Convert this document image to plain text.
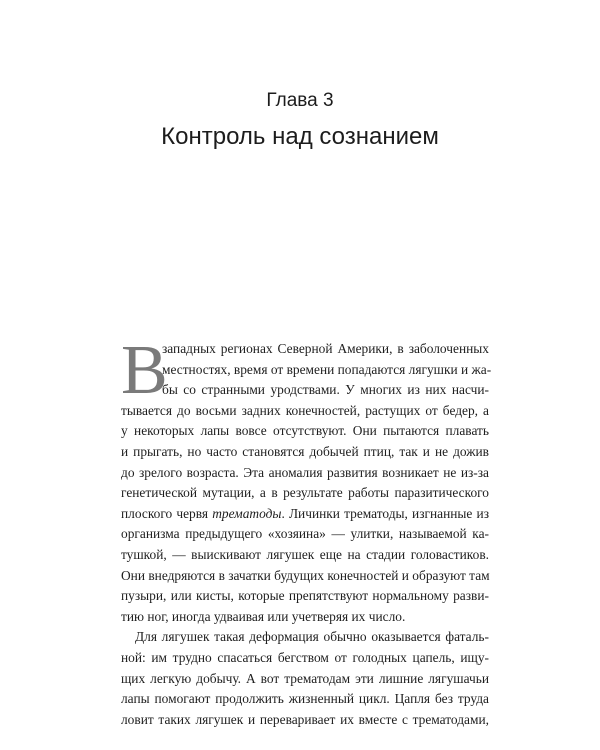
Глава 3
Контроль над сознанием
В
западных регионах Северной Америки, в заболоченных
местностях, время от времени попадаются лягушки и жа-
бы со странными уродствами. У многих из них насчи-
тывается до восьми задних конечностей, растущих от бедер, а
у некоторых лапы вовсе отсутствуют. Они пытаются плавать
и прыгать, но часто становятся добычей птиц, так и не дожив
до зрелого возраста. Эта аномалия развития возникает не из-за
генетической мутации, а в результате работы паразитического
плоского червя трематоды. Личинки трематоды, изгнанные из
организма предыдущего «хозяина» — улитки, называемой ка-
тушкой, — выискивают лягушек еще на стадии головастиков.
Они внедряются в зачатки будущих конечностей и образуют там
пузыри, или кисты, которые препятствуют нормальному разви-
тию ног, иногда удваивая или учетверяя их число.
Для лягушек такая деформация обычно оказывается фаталь-
ной: им трудно спасаться бегством от голодных цапель, ищу-
щих легкую добычу. А вот трематодам эти лишние лягушачьи
лапы помогают продолжить жизненный цикл. Цапля без труда
ловит таких лягушек и переваривает их вместе с трематодами,
